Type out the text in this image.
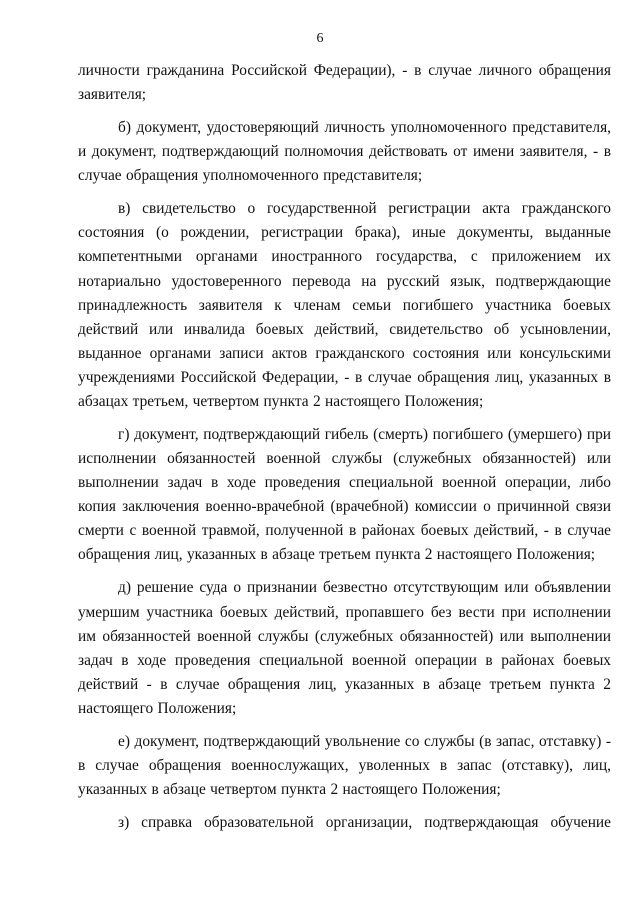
6

личности гражданина Российской Федерации), - в случае личного обращения заявителя;

б) документ, удостоверяющий личность уполномоченного представителя, и документ, подтверждающий полномочия действовать от имени заявителя, - в случае обращения уполномоченного представителя;

в) свидетельство о государственной регистрации акта гражданского состояния (о рождении, регистрации брака), иные документы, выданные компетентными органами иностранного государства, с приложением их нотариально удостоверенного перевода на русский язык, подтверждающие принадлежность заявителя к членам семьи погибшего участника боевых действий или инвалида боевых действий, свидетельство об усыновлении, выданное органами записи актов гражданского состояния или консульскими учреждениями Российской Федерации, - в случае обращения лиц, указанных в абзацах третьем, четвертом пункта 2 настоящего Положения;

г) документ, подтверждающий гибель (смерть) погибшего (умершего) при исполнении обязанностей военной службы (служебных обязанностей) или выполнении задач в ходе проведения специальной военной операции, либо копия заключения военно-врачебной (врачебной) комиссии о причинной связи смерти с военной травмой, полученной в районах боевых действий, - в случае обращения лиц, указанных в абзаце третьем пункта 2 настоящего Положения;

д) решение суда о признании безвестно отсутствующим или объявлении умершим участника боевых действий, пропавшего без вести при исполнении им обязанностей военной службы (служебных обязанностей) или выполнении задач в ходе проведения специальной военной операции в районах боевых действий - в случае обращения лиц, указанных в абзаце третьем пункта 2 настоящего Положения;

е) документ, подтверждающий увольнение со службы (в запас, отставку) - в случае обращения военнослужащих, уволенных в запас (отставку), лиц, указанных в абзаце четвертом пункта 2 настоящего Положения;

з) справка образовательной организации, подтверждающая обучение
